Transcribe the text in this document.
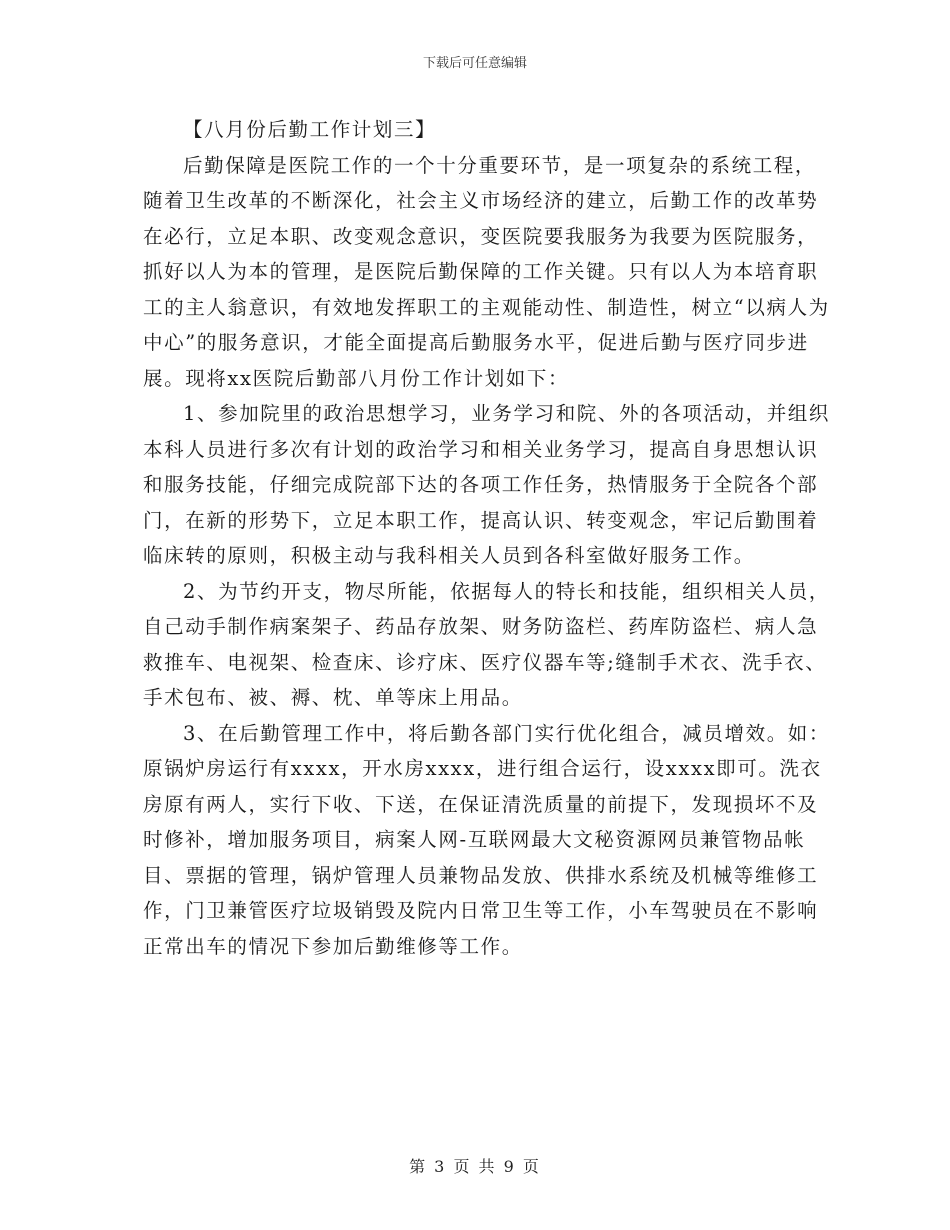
下载后可任意编辑

【八月份后勤工作计划三】

后勤保障是医院工作的一个十分重要环节，是一项复杂的系统工程，随着卫生改革的不断深化，社会主义市场经济的建立，后勤工作的改革势在必行，立足本职、改变观念意识，变医院要我服务为我要为医院服务，抓好以人为本的管理，是医院后勤保障的工作关键。只有以人为本培育职工的主人翁意识，有效地发挥职工的主观能动性、制造性，树立“以病人为中心”的服务意识，才能全面提高后勤服务水平，促进后勤与医疗同步进展。现将xx医院后勤部八月份工作计划如下：

1、参加院里的政治思想学习，业务学习和院、外的各项活动，并组织本科人员进行多次有计划的政治学习和相关业务学习，提高自身思想认识和服务技能，仔细完成院部下达的各项工作任务，热情服务于全院各个部门，在新的形势下，立足本职工作，提高认识、转变观念，牢记后勤围着临床转的原则，积极主动与我科相关人员到各科室做好服务工作。

2、为节约开支，物尽所能，依据每人的特长和技能，组织相关人员，自己动手制作病案架子、药品存放架、财务防盗栏、药库防盗栏、病人急救推车、电视架、检查床、诊疗床、医疗仪器车等;缝制手术衣、洗手衣、手术包布、被、褥、枕、单等床上用品。

3、在后勤管理工作中，将后勤各部门实行优化组合，减员增效。如：原锅炉房运行有xxxx，开水房xxxx，进行组合运行，设xxxx即可。洗衣房原有两人，实行下收、下送，在保证清洗质量的前提下，发现损坏不及时修补，增加服务项目，病案人网-互联网最大文秘资源网员兼管物品帐目、票据的管理，锅炉管理人员兼物品发放、供排水系统及机械等维修工作，门卫兼管医疗垃圾销毁及院内日常卫生等工作，小车驾驶员在不影响正常出车的情况下参加后勤维修等工作。

第 3 页 共 9 页
